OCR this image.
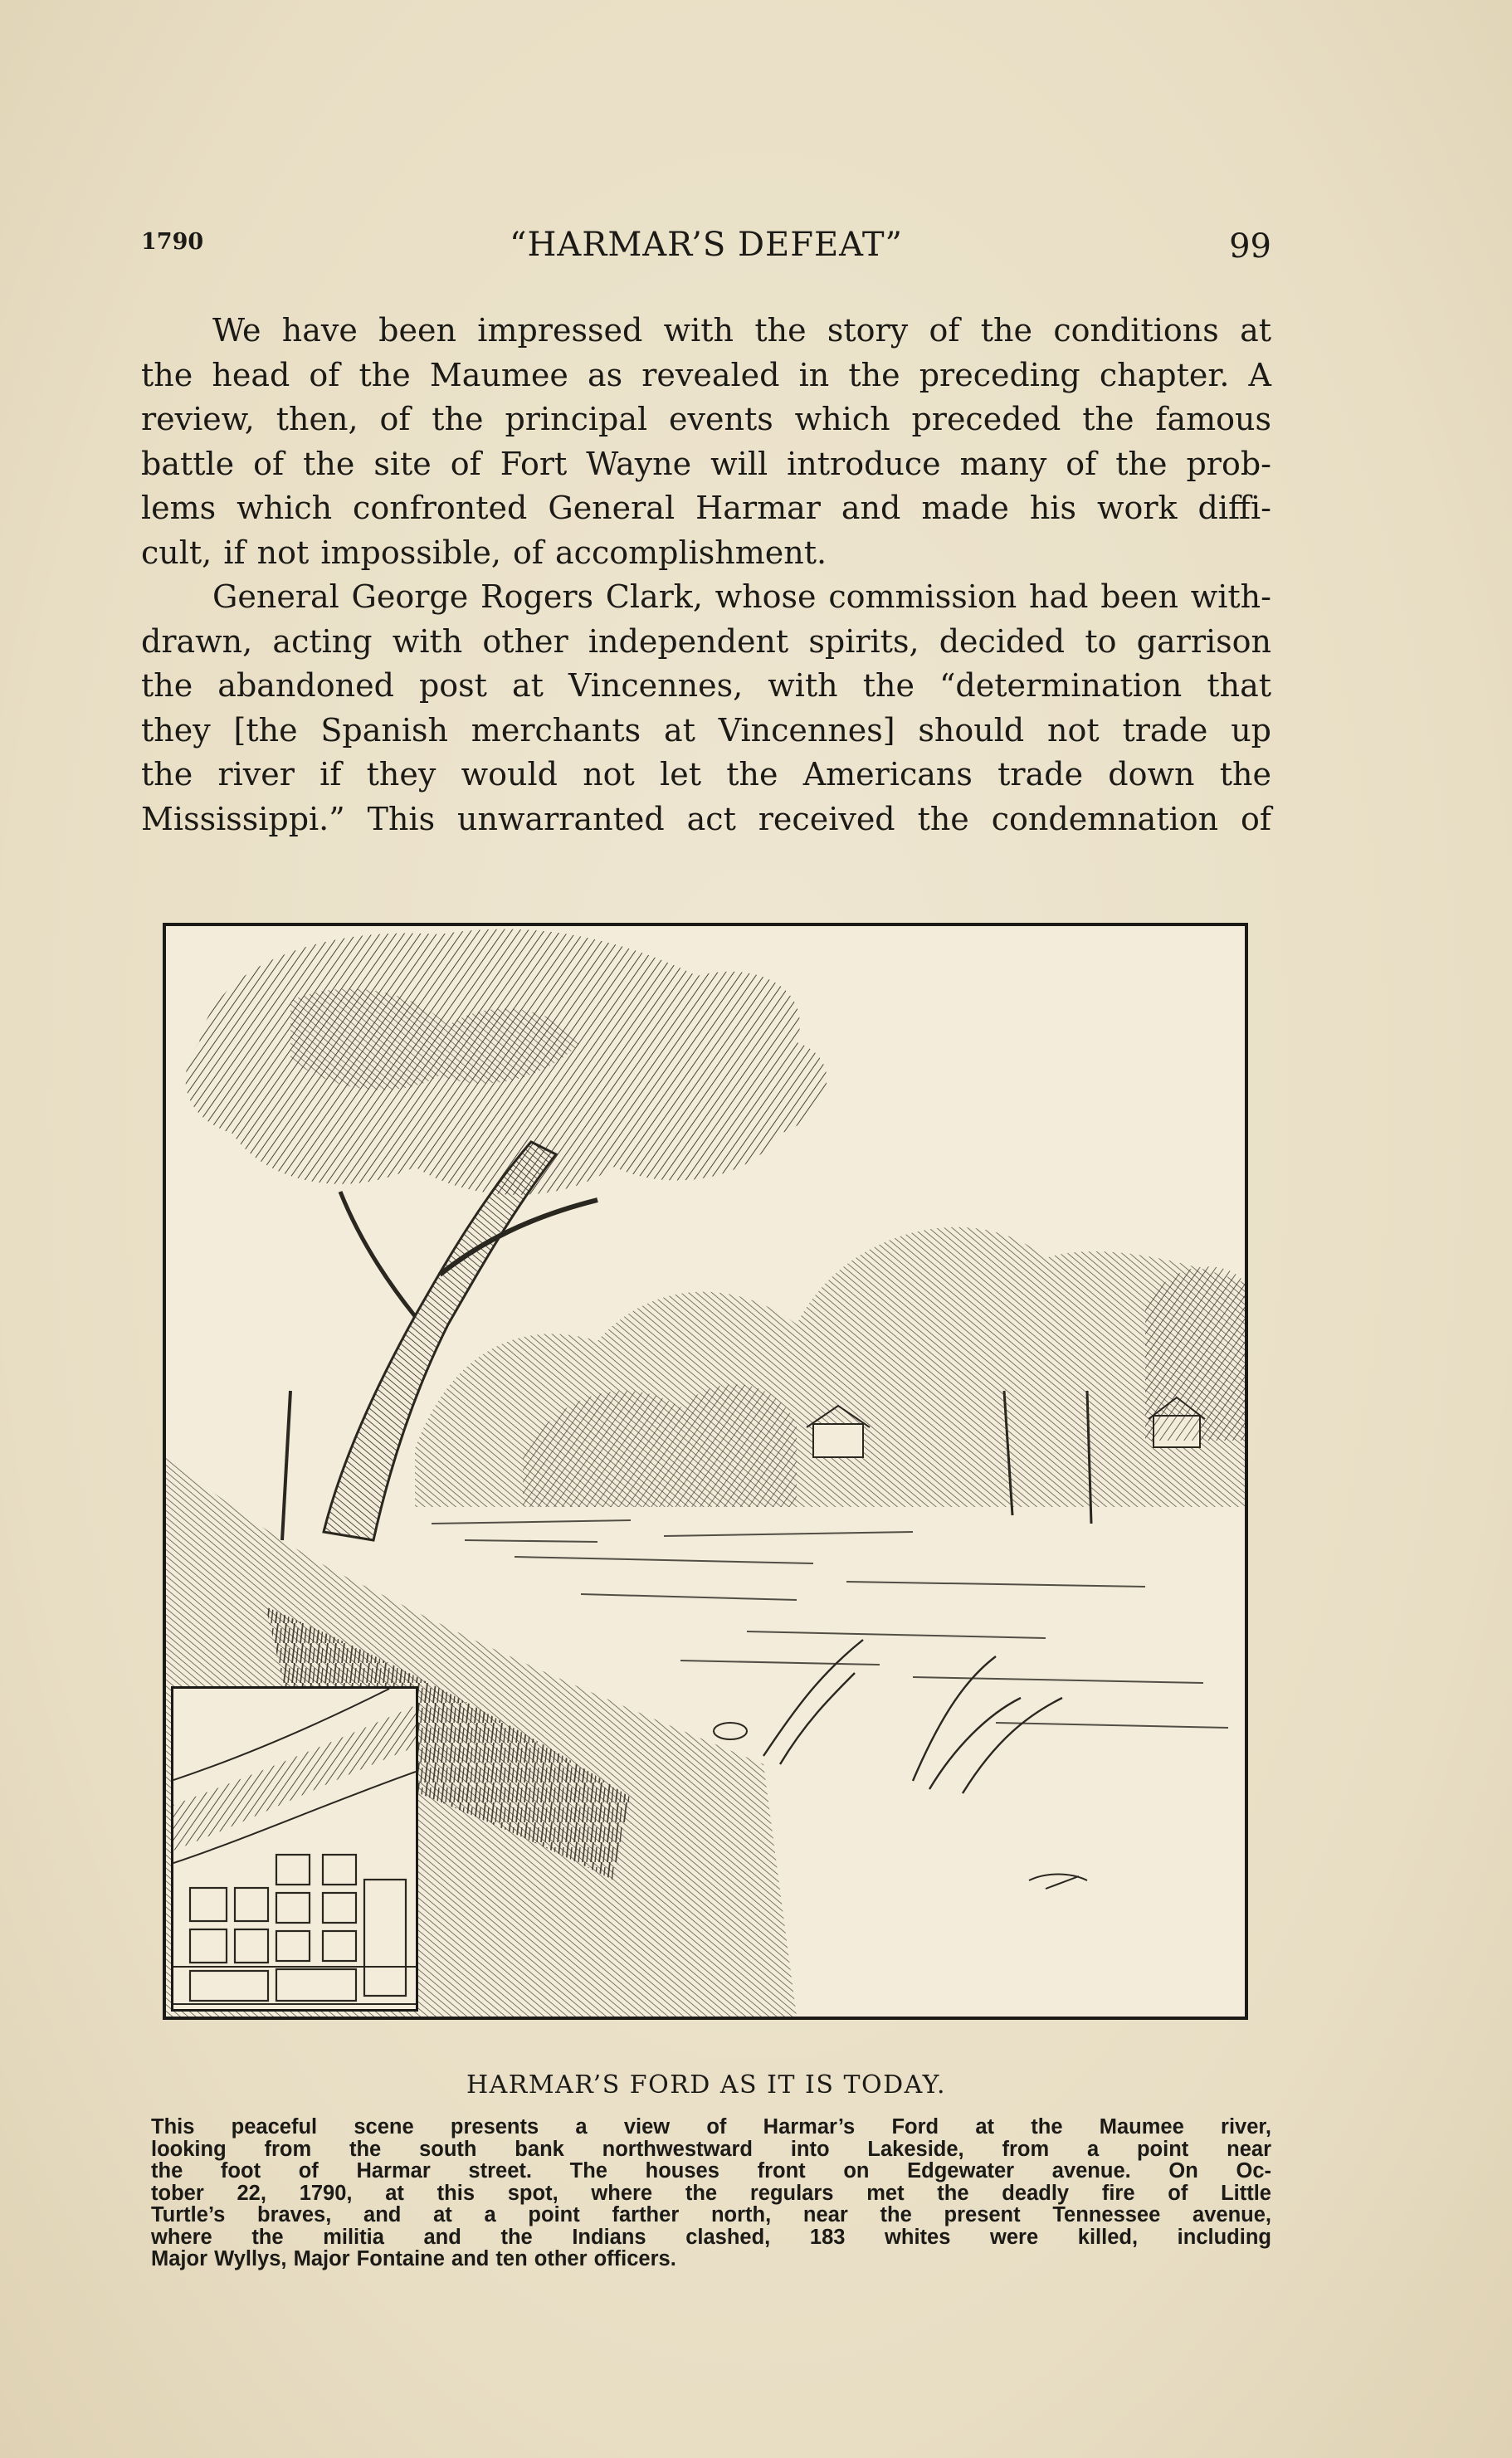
1790	“HARMAR’S DEFEAT”	99
We have been impressed with the story of the conditions at
the head of the Maumee as revealed in the preceding chapter. A
review, then, of the principal events which preceded the famous
battle of the site of Fort Wayne will introduce many of the prob-
lems which confronted General Harmar and made his work diffi-
cult, if not impossible, of accomplishment.
General George Rogers Clark, whose commission had been with-
drawn, acting with other independent spirits, decided to garrison
the abandoned post at Vincennes, with the “determination that
they [the Spanish merchants at Vincennes] should not trade up
the river if they would not let the Americans trade down the
Mississippi.” This unwarranted act received the condemnation of
HARMAR’S FORD AS IT IS TODAY.
This peaceful scene presents a view of Harmar’s Ford at the Maumee river,
looking from the south bank northwestward into Lakeside, from a point near
the foot of Harmar street. The houses front on Edgewater avenue. On Oc-
tober 22, 1790, at this spot, where the regulars met the deadly fire of Little
Turtle’s braves, and at a point farther north, near the present Tennessee avenue,
where the militia and the Indians clashed, 183 whites were killed, including
Major Wyllys, Major Fontaine and ten other officers.
